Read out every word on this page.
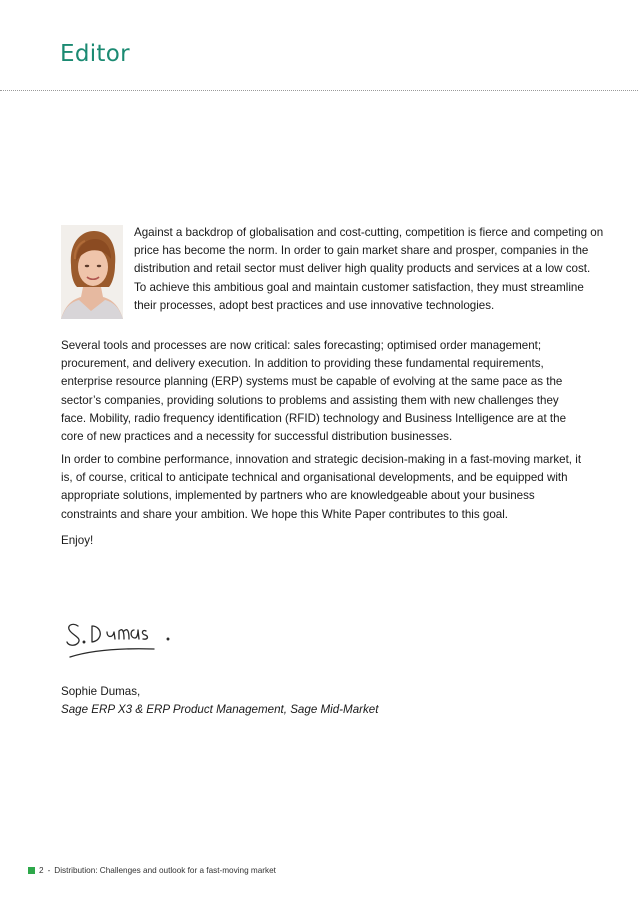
Editor

Against a backdrop of globalisation and cost-cutting, competition is fierce and competing on price has become the norm. In order to gain market share and prosper, companies in the distribution and retail sector must deliver high quality products and services at a low cost. To achieve this ambitious goal and maintain customer satisfaction, they must streamline their processes, adopt best practices and use innovative technologies.

Several tools and processes are now critical: sales forecasting; optimised order management; procurement, and delivery execution. In addition to providing these fundamental requirements, enterprise resource planning (ERP) systems must be capable of evolving at the same pace as the sector’s companies, providing solutions to problems and assisting them with new challenges they face. Mobility, radio frequency identification (RFID) technology and Business Intelligence are at the core of new practices and a necessity for successful distribution businesses.

In order to combine performance, innovation and strategic decision-making in a fast-moving market, it is, of course, critical to anticipate technical and organisational developments, and be equipped with appropriate solutions, implemented by partners who are knowledgeable about your business constraints and share your ambition. We hope this White Paper contributes to this goal.

Enjoy!

Sophie Dumas,
Sage ERP X3 & ERP Product Management, Sage Mid-Market
2 - Distribution: Challenges and outlook for a fast-moving market
